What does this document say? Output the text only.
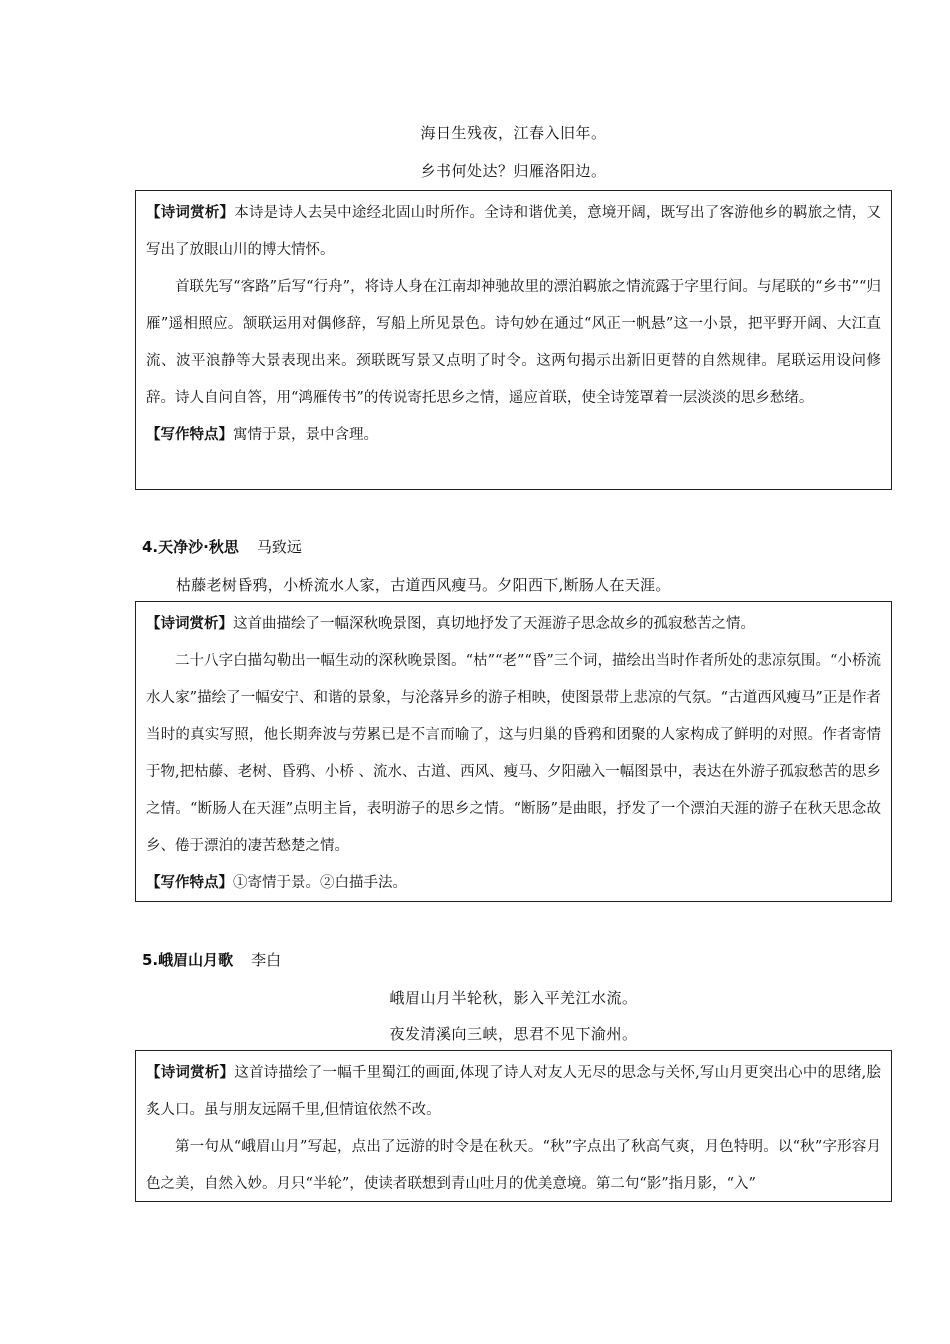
海日生残夜，江春入旧年。
乡书何处达？归雁洛阳边。

【诗词赏析】本诗是诗人去吴中途经北固山时所作。全诗和谐优美，意境开阔，既写出了客游他乡的羁旅之情，又写出了放眼山川的博大情怀。

首联先写“客路”后写“行舟”，将诗人身在江南却神驰故里的漂泊羁旅之情流露于字里行间。与尾联的“乡书”“归雁”遥相照应。颔联运用对偶修辞，写船上所见景色。诗句妙在通过“风正一帆悬”这一小景，把平野开阔、大江直流、波平浪静等大景表现出来。颈联既写景又点明了时令。这两句揭示出新旧更替的自然规律。尾联运用设问修辞。诗人自问自答，用“鸿雁传书”的传说寄托思乡之情，遥应首联，使全诗笼罩着一层淡淡的思乡愁绪。

【写作特点】寓情于景，景中含理。

4.天净沙·秋思 马致远
枯藤老树昏鸦，小桥流水人家，古道西风瘦马。夕阳西下,断肠人在天涯。

【诗词赏析】这首曲描绘了一幅深秋晚景图，真切地抒发了天涯游子思念故乡的孤寂愁苦之情。

二十八字白描勾勒出一幅生动的深秋晚景图。“枯”“老”“昏”三个词，描绘出当时作者所处的悲凉氛围。“小桥流水人家”描绘了一幅安宁、和谐的景象，与沦落异乡的游子相映，使图景带上悲凉的气氛。“古道西风瘦马”正是作者当时的真实写照，他长期奔波与劳累已是不言而喻了，这与归巢的昏鸦和团聚的人家构成了鲜明的对照。作者寄情于物,把枯藤、老树、昏鸦、小桥 、流水、古道、西风、瘦马、夕阳融入一幅图景中，表达在外游子孤寂愁苦的思乡之情。“断肠人在天涯”点明主旨，表明游子的思乡之情。“断肠”是曲眼，抒发了一个漂泊天涯的游子在秋天思念故乡、倦于漂泊的凄苦愁楚之情。

【写作特点】①寄情于景。②白描手法。

5.峨眉山月歌 李白
峨眉山月半轮秋，影入平羌江水流。
夜发清溪向三峡，思君不见下渝州。

【诗词赏析】这首诗描绘了一幅千里蜀江的画面,体现了诗人对友人无尽的思念与关怀,写山月更突出心中的思绪,脍炙人口。虽与朋友远隔千里,但情谊依然不改。

第一句从“峨眉山月”写起，点出了远游的时令是在秋天。“秋”字点出了秋高气爽，月色特明。以“秋”字形容月色之美，自然入妙。月只“半轮”，使读者联想到青山吐月的优美意境。第二句“影”指月影，“入”
